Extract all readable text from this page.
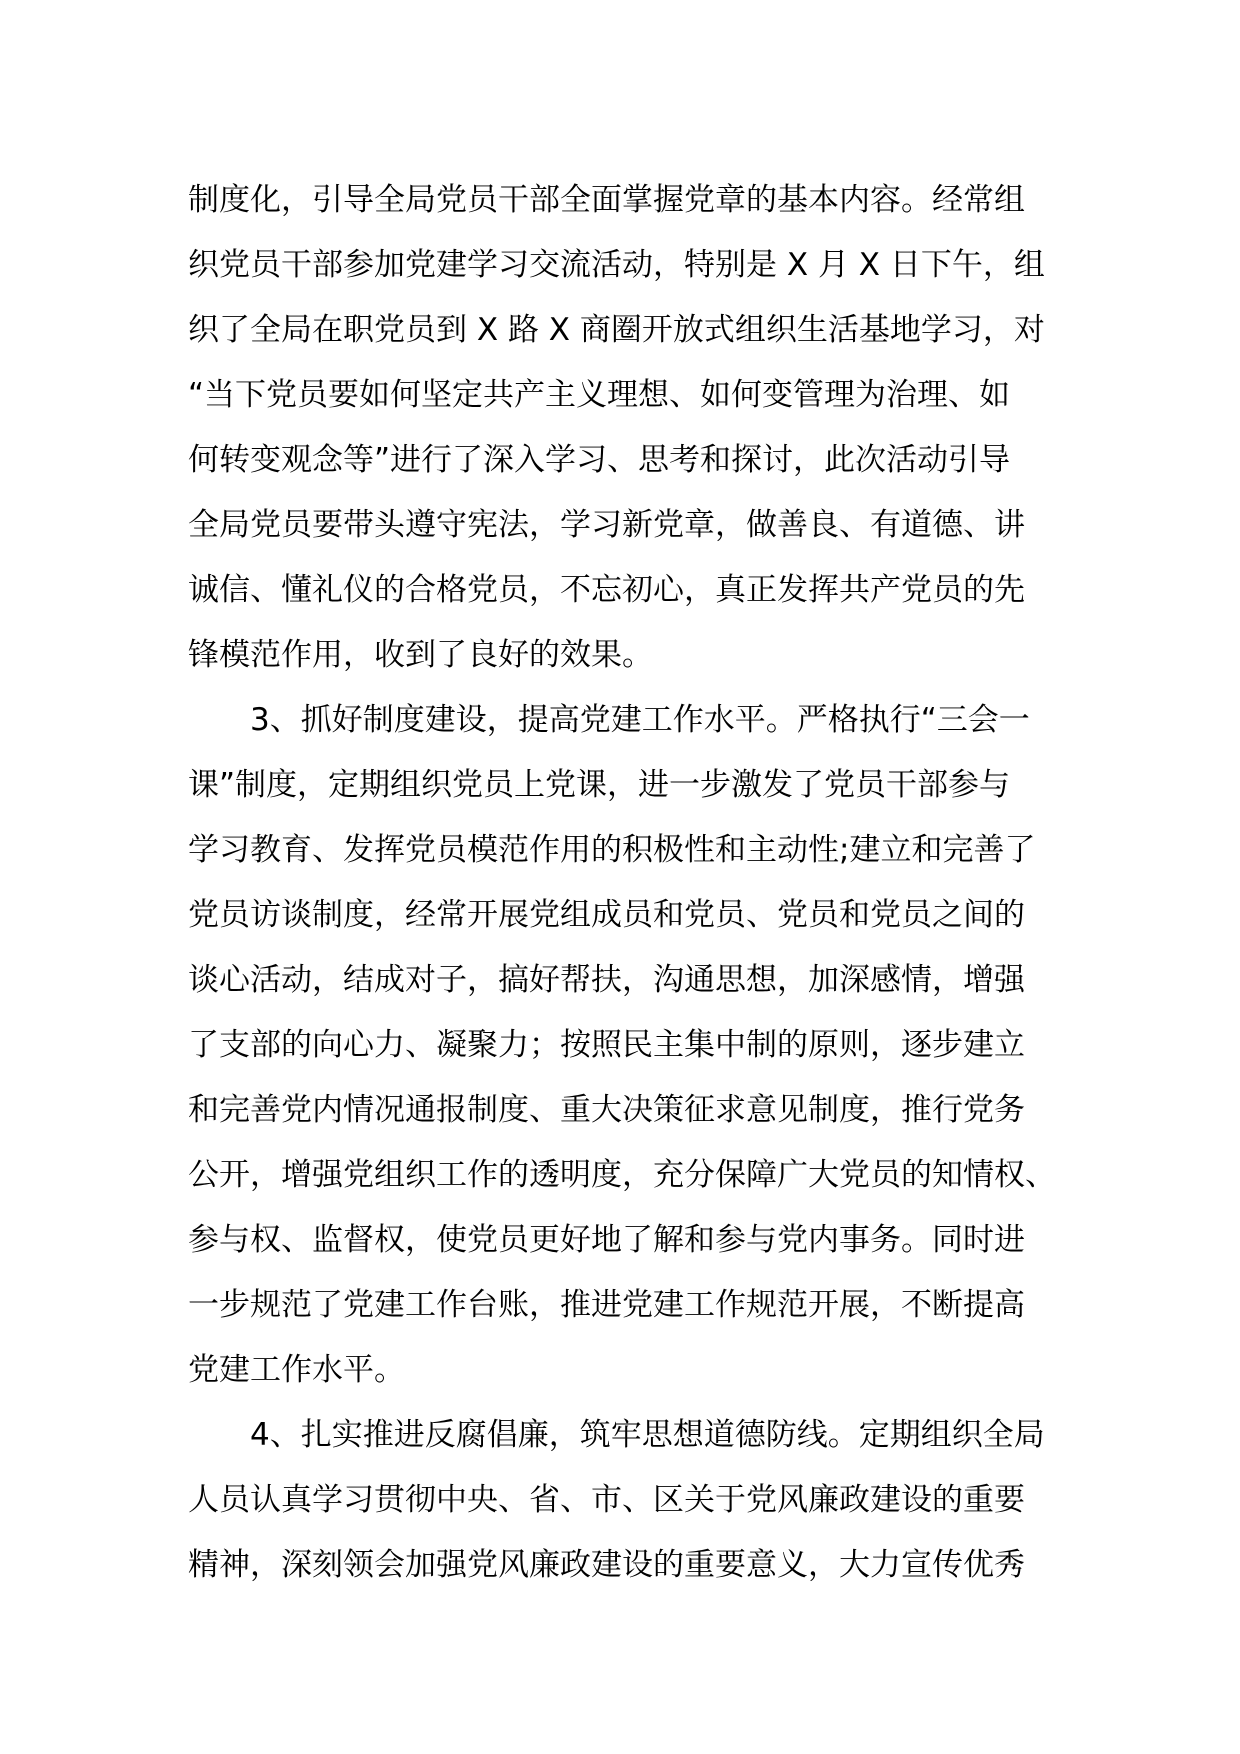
制度化，引导全局党员干部全面掌握党章的基本内容。经常组
织党员干部参加党建学习交流活动，特别是 X 月 X 日下午，组
织了全局在职党员到 X 路 X 商圈开放式组织生活基地学习，对
“当下党员要如何坚定共产主义理想、如何变管理为治理、如
何转变观念等”进行了深入学习、思考和探讨，此次活动引导
全局党员要带头遵守宪法，学习新党章，做善良、有道德、讲
诚信、懂礼仪的合格党员，不忘初心，真正发挥共产党员的先
锋模范作用，收到了良好的效果。
3、抓好制度建设，提高党建工作水平。严格执行“三会一
课”制度，定期组织党员上党课，进一步激发了党员干部参与
学习教育、发挥党员模范作用的积极性和主动性;建立和完善了
党员访谈制度，经常开展党组成员和党员、党员和党员之间的
谈心活动，结成对子，搞好帮扶，沟通思想，加深感情，增强
了支部的向心力、凝聚力；按照民主集中制的原则，逐步建立
和完善党内情况通报制度、重大决策征求意见制度，推行党务
公开，增强党组织工作的透明度，充分保障广大党员的知情权、
参与权、监督权，使党员更好地了解和参与党内事务。同时进
一步规范了党建工作台账，推进党建工作规范开展，不断提高
党建工作水平。
4、扎实推进反腐倡廉，筑牢思想道德防线。定期组织全局
人员认真学习贯彻中央、省、市、区关于党风廉政建设的重要
精神，深刻领会加强党风廉政建设的重要意义，大力宣传优秀
